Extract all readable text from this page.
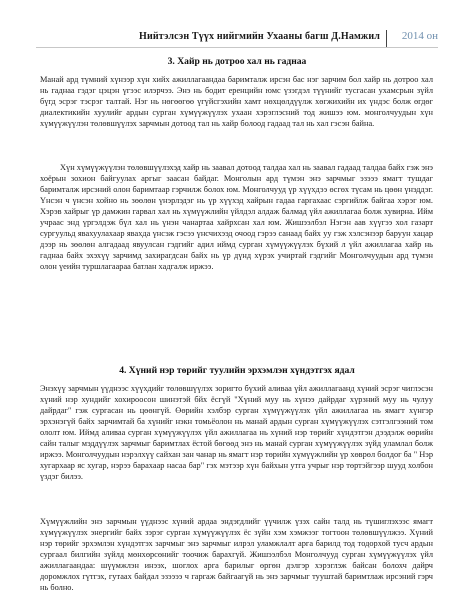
Нийтэлсэн Түүх нийгмийн Ухааны багш Д.Намжил 2014 он
3. Хайр нь дотроо хал нь гаднаа
Манай ард түмний хүнээр хүн хийх ажиллагаандаа баримталж ирсэн бас нэг зарчим бол хайр нь дотроо хал нь гаднаа гэдэг цэцэн үгээс илэрчээ. Энэ нь бодит еренцийн юмс үзэгдэл түүнийг тусгасан ухамсрын зүйл бүгд эсрэг тэсрэг талтай. Нэг нь нөгөөгөө үгүйсгэхийн хамт нөхцөлдүүлж хөгжихийн их үндэс болж өгдөг диалектикийн хуулийг ардын сурган хүмүүжүүлэх ухаан хэрэглэсний тод жишээ юм. монголчуудын хүн хүмүүжүүлэн төлөвшүүлэх зарчмын дотоод тал нь хайр болоод гадаад тал нь хал гэсэн байна.
Хүн хүмүүжүүлэн төлөвшүүлэхэд хайр нь заавал дотоод талдаа хал нь заавал гадаад талдаа байх гэж энэ хоёрын зохион байгуулах аргыг заасан байдаг. Монголын ард түмэн энэ зарчмыг эзэээ ямагт тушдаг баримталж ирсэний олон баримтаар гэрчилж болох юм. Монголчууд үр хүүхдээ өсгөх түсам нь цөөн үнэддэг. Үнсэн ч үнсэн хойно нь зөөлөн үнэрлэдэг нь үр хүүхэд хайрын гадаа гаргахаас сэргийлж байгаа хэрэг юм. Хэрэв хайрыг үр дамжин гарвал хал нь хүмүүжлийн үйлдэл алдаж балмад үйл ажиллагаа болж хувирна. Ийм учраас энд үргэлдэж бүл хал нь үнэн чанартаа хайрхсан хал юм. Жишээлбэл Нэгэн аав хүүгээ хол газарт сургуульд явахуулахаар явахда үнсэж гэсээ үнсчихээд очоод гэрээ санаад байх уу гэж хэлсэнээр баруун хацар дээр нь зөөлөн алгадаад явуулсан гэдгийг адил иймд сурган хүмүүжүүлэх бүхий л үйл ажиллагаа хайр нь гаднаа байх эхэхүү зарчимд захирагдсан байх нь үр дүнд хүрэх учиртай гэдгийг Монголчуудын ард түмэн олон үеийн туршлагаараа батлан хадгалж иржээ.
4. Хүний нэр төрийг туулийн эрхэмлэн хүндэтгэх ядал
Энэхүү зарчмын үүднээс хүүхдийг төлөвшүүлэх зоригто бүхий аливаа үйл ажиллагаанд хүний эсрэг чиглэсэн хүний нэр хундийг хохироосон шинэтэй бйх ёсгүй "Хүний муу нь хүнээ дайрдаг хүрзний муу нь чулуу дайрдаг" гэж сургасан нь цөөнгүй. Өөрийн хэлбэр сурган хүмүүжүүлэх үйл ажиллагаа нь ямагт хүнгэр эрхэнэгүй байх зарчимтай ба хүнийг нэкн томьёолон нь манай ардын сурган хүмүүжүүлэх сэтгэлгээний том ололт юм. Иймд аливаа сурган хүмүүжүүлэх үйл ажиллагаа нь хүний нэр төрийг хүндэтгэн дээдэлж өөрийн сайн талыг мэддүүлэх зарчмыг баримтлах ёстой бөгөөд энэ нь манай сурган хүмүүжүүлэх зүйд уламлал болж иржээ. Монголчуудын нэрэлхүү сайхан зан чанар нь ямагт нэр төрийн хүмүүжлийн үр хөврөл болдог ба " Нэр хугархаар яс хугар, нэрээ барахаар насаа бар" гэх мэтээр хүн байхын утга учрыг нэр төртэйгээр шууд холбон үздэг билээ.
Хүмүүжлийн энэ зарчмын үүднээс хүний ардаа эндэгдлийг үүчилж үзэх сайн талд нь түшиглэхээс ямагт хүмүүжүүлэх энергийг байх зэрэг сурган хүмүүжүүлэх ёс зүйн хэм хэмжээг тогтоон төлөвшүүлжээ. Хүний нэр төрийг эрхэмлэн хүндэтгэх зарчмыг энэ зарчмыг илрэл уламжлалт арга барилд тод тодорхой тусч ардын сургаал билгийн зүйлд мөнхөрсөнийг тоочиж барахгүй. Жишээлбэл Монголчууд сурган хүмүүжүүлэх үйл ажиллагаандаа: шүүмжлэн инээх, шоглох арга барилыг өргөн дэлгэр хэрэглэж байсан болохч дайрч доромжлох гүтгэх, гутаах байдал эзээээ ч гаргаж байгаагүй нь энэ зарчмыг тууштай баримтлаж ирсэний гэрч нь болно.
